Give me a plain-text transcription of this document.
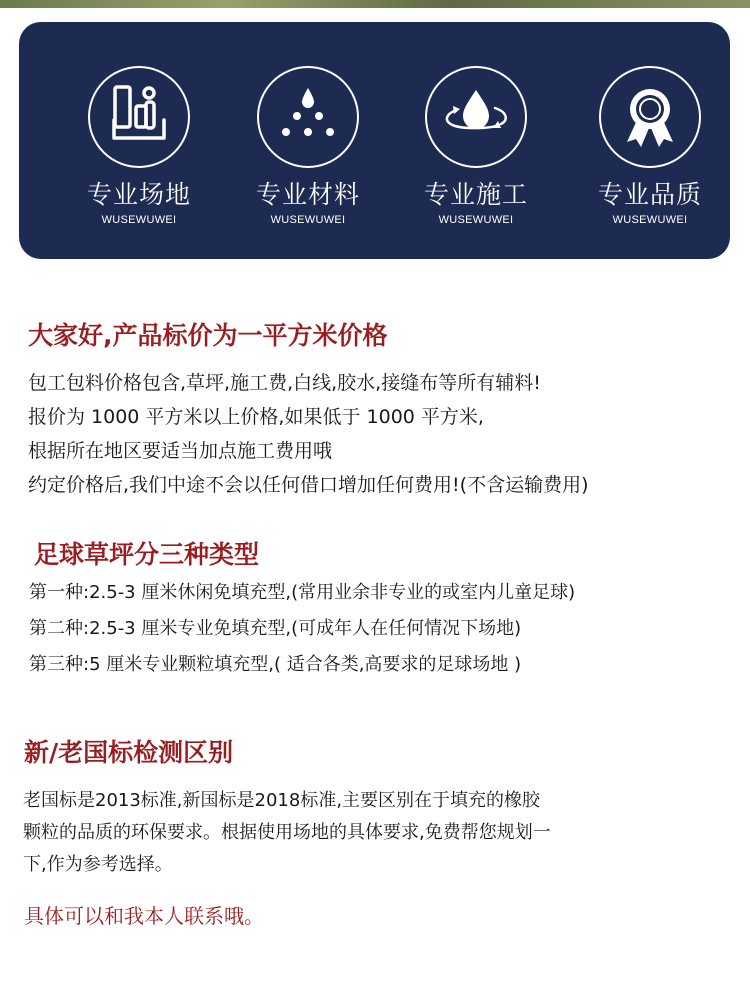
专业场地
WUSEWUWEI
专业材料
WUSEWUWEI
专业施工
WUSEWUWEI
专业品质
WUSEWUWEI
大家好,产品标价为一平方米价格
包工包料价格包含,草坪,施工费,白线,胶水,接缝布等所有辅料!
报价为 1000 平方米以上价格,如果低于 1000 平方米,
根据所在地区要适当加点施工费用哦
约定价格后,我们中途不会以任何借口增加任何费用!(不含运输费用)
足球草坪分三种类型
第一种:2.5-3 厘米休闲免填充型,(常用业余非专业的或室内儿童足球)
第二种:2.5-3 厘米专业免填充型,(可成年人在任何情况下场地)
第三种:5 厘米专业颗粒填充型,( 适合各类,高要求的足球场地 )
新/老国标检测区别
老国标是2013标准,新国标是2018标准,主要区别在于填充的橡胶
颗粒的品质的环保要求。根据使用场地的具体要求,免费帮您规划一
下,作为参考选择。
具体可以和我本人联系哦。
